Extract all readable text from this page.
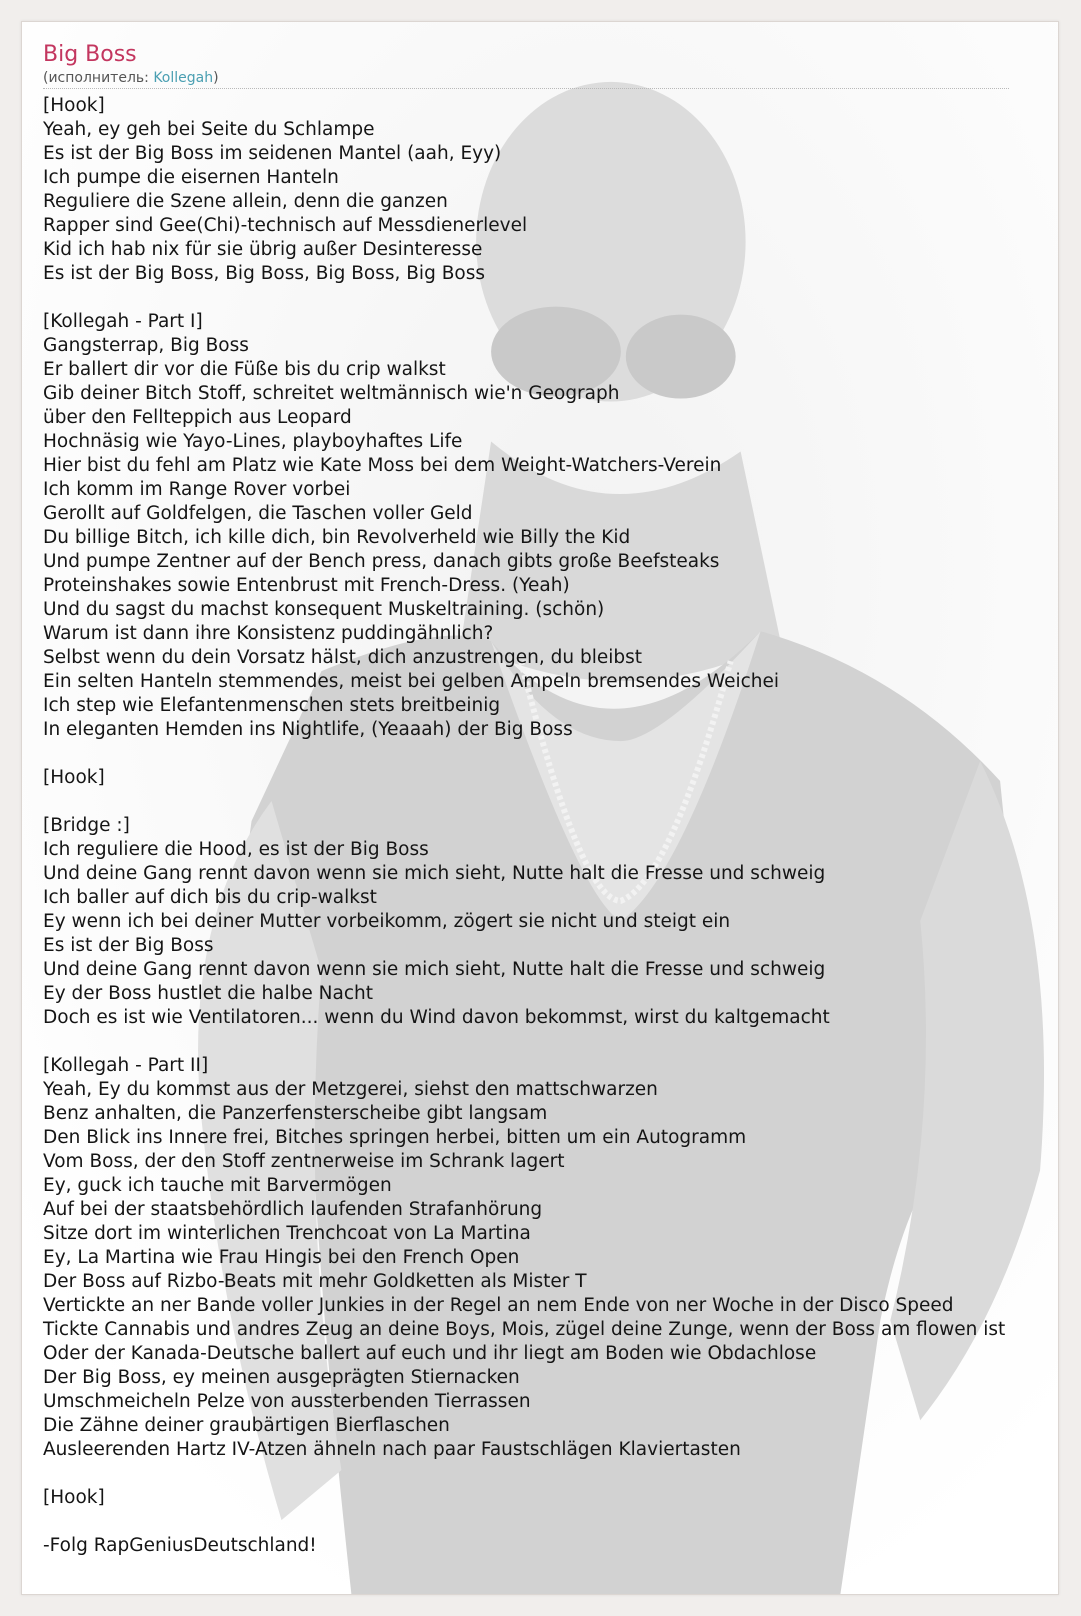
Big Boss
(исполнитель: Kollegah)
[Hook]
Yeah, ey geh bei Seite du Schlampe
Es ist der Big Boss im seidenen Mantel (aah, Eyy)
Ich pumpe die eisernen Hanteln
Reguliere die Szene allein, denn die ganzen
Rapper sind Gee(Chi)-technisch auf Messdienerlevel
Kid ich hab nix für sie übrig außer Desinteresse
Es ist der Big Boss, Big Boss, Big Boss, Big Boss
[Kollegah - Part I]
Gangsterrap, Big Boss
Er ballert dir vor die Füße bis du crip walkst
Gib deiner Bitch Stoff, schreitet weltmännisch wie'n Geograph
über den Fellteppich aus Leopard
Hochnäsig wie Yayo-Lines, playboyhaftes Life
Hier bist du fehl am Platz wie Kate Moss bei dem Weight-Watchers-Verein
Ich komm im Range Rover vorbei
Gerollt auf Goldfelgen, die Taschen voller Geld
Du billige Bitch, ich kille dich, bin Revolverheld wie Billy the Kid
Und pumpe Zentner auf der Bench press, danach gibts große Beefsteaks
Proteinshakes sowie Entenbrust mit French-Dress. (Yeah)
Und du sagst du machst konsequent Muskeltraining. (schön)
Warum ist dann ihre Konsistenz puddingähnlich?
Selbst wenn du dein Vorsatz hälst, dich anzustrengen, du bleibst
Ein selten Hanteln stemmendes, meist bei gelben Ampeln bremsendes Weichei
Ich step wie Elefantenmenschen stets breitbeinig
In eleganten Hemden ins Nightlife, (Yeaaah) der Big Boss
[Hook]
[Bridge :]
Ich reguliere die Hood, es ist der Big Boss
Und deine Gang rennt davon wenn sie mich sieht, Nutte halt die Fresse und schweig
Ich baller auf dich bis du crip-walkst
Ey wenn ich bei deiner Mutter vorbeikomm, zögert sie nicht und steigt ein
Es ist der Big Boss
Und deine Gang rennt davon wenn sie mich sieht, Nutte halt die Fresse und schweig
Ey der Boss hustlet die halbe Nacht
Doch es ist wie Ventilatoren... wenn du Wind davon bekommst, wirst du kaltgemacht
[Kollegah - Part II]
Yeah, Ey du kommst aus der Metzgerei, siehst den mattschwarzen
Benz anhalten, die Panzerfensterscheibe gibt langsam
Den Blick ins Innere frei, Bitches springen herbei, bitten um ein Autogramm
Vom Boss, der den Stoff zentnerweise im Schrank lagert
Ey, guck ich tauche mit Barvermögen
Auf bei der staatsbehördlich laufenden Strafanhörung
Sitze dort im winterlichen Trenchcoat von La Martina
Ey, La Martina wie Frau Hingis bei den French Open
Der Boss auf Rizbo-Beats mit mehr Goldketten als Mister T
Vertickte an ner Bande voller Junkies in der Regel an nem Ende von ner Woche in der Disco Speed
Tickte Cannabis und andres Zeug an deine Boys, Mois, zügel deine Zunge, wenn der Boss am flowen ist
Oder der Kanada-Deutsche ballert auf euch und ihr liegt am Boden wie Obdachlose
Der Big Boss, ey meinen ausgeprägten Stiernacken
Umschmeicheln Pelze von aussterbenden Tierrassen
Die Zähne deiner graubärtigen Bierflaschen
Ausleerenden Hartz IV-Atzen ähneln nach paar Faustschlägen Klaviertasten
[Hook]
-Folg RapGeniusDeutschland!
